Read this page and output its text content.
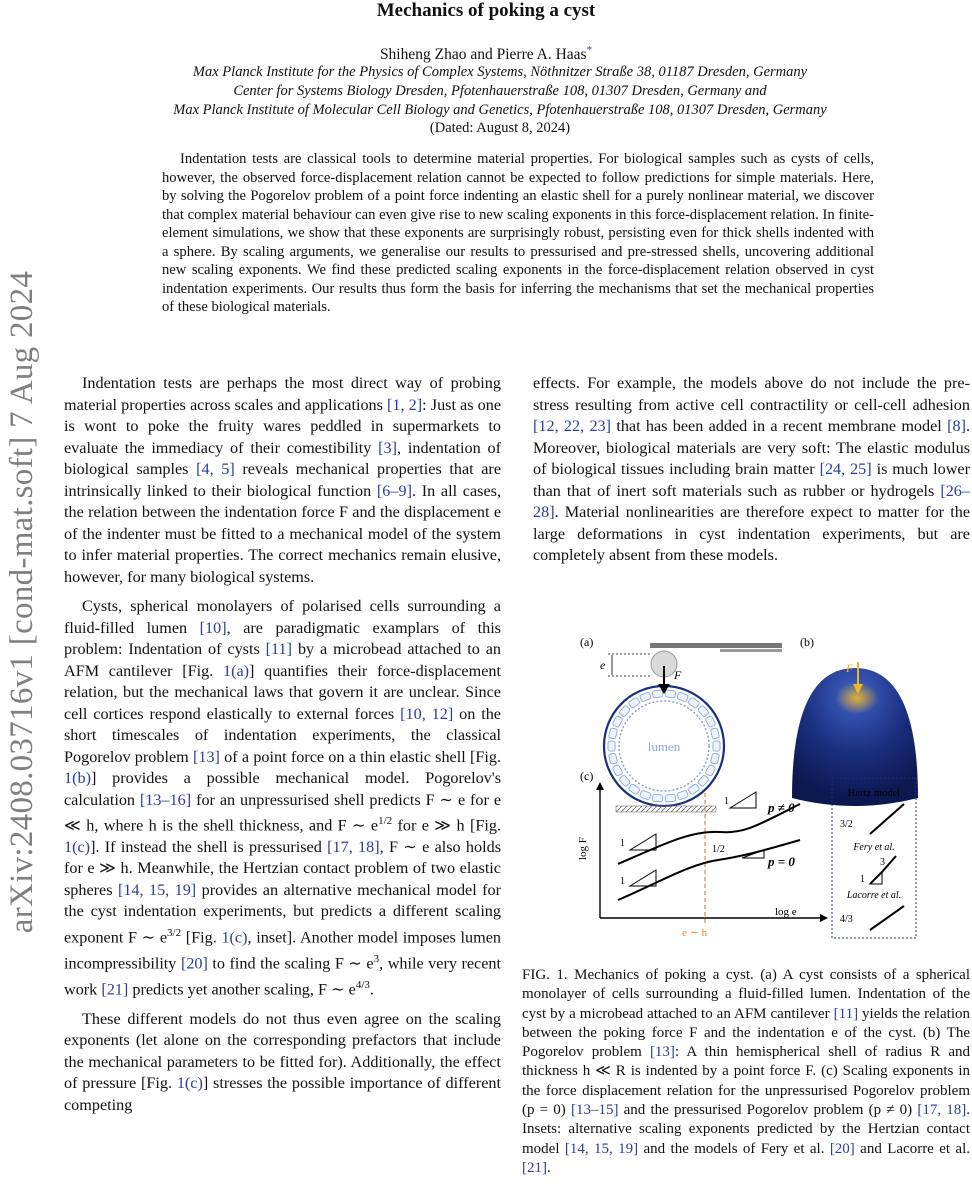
arXiv:2408.03716v1 [cond-mat.soft] 7 Aug 2024
Mechanics of poking a cyst
Shiheng Zhao and Pierre A. Haas*
Max Planck Institute for the Physics of Complex Systems, Nöthnitzer Straße 38, 01187 Dresden, Germany
Center for Systems Biology Dresden, Pfotenhauerstraße 108, 01307 Dresden, Germany and
Max Planck Institute of Molecular Cell Biology and Genetics, Pfotenhauerstraße 108, 01307 Dresden, Germany
(Dated: August 8, 2024)
Indentation tests are classical tools to determine material properties. For biological samples such as cysts of cells, however, the observed force-displacement relation cannot be expected to follow predictions for simple materials. Here, by solving the Pogorelov problem of a point force indenting an elastic shell for a purely nonlinear material, we discover that complex material behaviour can even give rise to new scaling exponents in this force-displacement relation. In finite-element simulations, we show that these exponents are surprisingly robust, persisting even for thick shells indented with a sphere. By scaling arguments, we generalise our results to pressurised and pre-stressed shells, uncovering additional new scaling exponents. We find these predicted scaling exponents in the force-displacement relation observed in cyst indentation experiments. Our results thus form the basis for inferring the mechanisms that set the mechanical properties of these biological materials.

Indentation tests are perhaps the most direct way of probing material properties across scales and applications [1, 2]: Just as one is wont to poke the fruity wares peddled in supermarkets to evaluate the immediacy of their comestibility [3], indentation of biological samples [4, 5] reveals mechanical properties that are intrinsically linked to their biological function [6–9]. In all cases, the relation between the indentation force F and the displacement e of the indenter must be fitted to a mechanical model of the system to infer material properties. The correct mechanics remain elusive, however, for many biological systems.

Cysts, spherical monolayers of polarised cells surrounding a fluid-filled lumen [10], are paradigmatic examplars of this problem: Indentation of cysts [11] by a microbead attached to an AFM cantilever [Fig. 1(a)] quantifies their force-displacement relation, but the mechanical laws that govern it are unclear. Since cell cortices respond elastically to external forces [10, 12] on the short timescales of indentation experiments, the classical Pogorelov problem [13] of a point force on a thin elastic shell [Fig. 1(b)] provides a possible mechanical model. Pogorelov's calculation [13–16] for an unpressurised shell predicts F ∼ e for e ≪ h, where h is the shell thickness, and F ∼ $e^{1/2}$ for e ≫ h [Fig. 1(c)]. If instead the shell is pressurised [17, 18], F ∼ e also holds for e ≫ h. Meanwhile, the Hertzian contact problem of two elastic spheres [14, 15, 19] provides an alternative mechanical model for the cyst indentation experiments, but predicts a different scaling exponent F ∼ $e^{3/2}$ [Fig. 1(c), inset]. Another model imposes lumen incompressibility [20] to find the scaling F ∼ $e^3$, while very recent work [21] predicts yet another scaling, F ∼ $e^{4/3}$.

These different models do not thus even agree on the scaling exponents (let alone on the corresponding prefactors that include the mechanical parameters to be fitted for). Additionally, the effect of pressure [Fig. 1(c)] stresses the possible importance of different competing

effects. For example, the models above do not include the pre-stress resulting from active cell contractility or cell-cell adhesion [12, 22, 23] that has been added in a recent membrane model [8]. Moreover, biological materials are very soft: The elastic modulus of biological tissues including brain matter [24, 25] is much lower than that of inert soft materials such as rubber or hydrogels [26–28]. Material nonlinearities are therefore expect to matter for the large deformations in cyst indentation experiments, but are completely absent from these models.

(a)
lumen
F
e
(b)
F
(c)
log F
log e
e ∼ h
1
1
1
1/2
p ≠ 0
p = 0
Hertz model
3/2
Fery et al.
3
1
Lacorre et al.
4/3
FIG. 1. Mechanics of poking a cyst. (a) A cyst consists of a spherical monolayer of cells surrounding a fluid-filled lumen. Indentation of the cyst by a microbead attached to an AFM cantilever [11] yields the relation between the poking force F and the indentation e of the cyst. (b) The Pogorelov problem [13]: A thin hemispherical shell of radius R and thickness h ≪ R is indented by a point force F. (c) Scaling exponents in the force displacement relation for the unpressurised Pogorelov problem (p = 0) [13–15] and the pressurised Pogorelov problem (p ≠ 0) [17, 18]. Insets: alternative scaling exponents predicted by the Hertzian contact model [14, 15, 19] and the models of Fery et al. [20] and Lacorre et al. [21].
